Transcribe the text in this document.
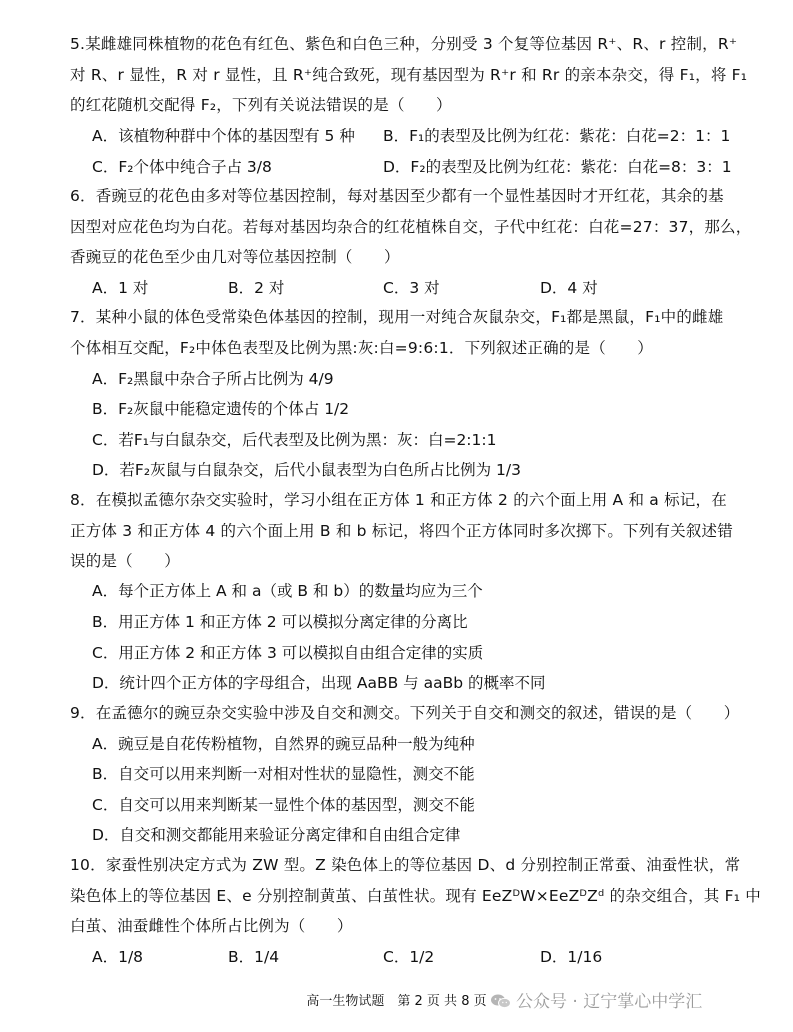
5.某雌雄同株植物的花色有红色、紫色和白色三种，分别受 3 个复等位基因 R⁺、R、r 控制，R⁺
对 R、r 显性，R 对 r 显性，且 R⁺纯合致死，现有基因型为 R⁺r 和 Rr 的亲本杂交，得 F₁，将 F₁
的红花随机交配得 F₂，下列有关说法错误的是（　　）
A．该植物种群中个体的基因型有 5 种 B．F₁的表型及比例为红花：紫花：白花=2：1：1
C．F₂个体中纯合子占 3/8	D．F₂的表型及比例为红花：紫花：白花=8：3：1
6．香豌豆的花色由多对等位基因控制，每对基因至少都有一个显性基因时才开红花，其余的基
因型对应花色均为白花。若每对基因均杂合的红花植株自交，子代中红花：白花=27：37，那么，
香豌豆的花色至少由几对等位基因控制（　　）
A．1 对	B．2 对	C．3 对	D．4 对
7．某种小鼠的体色受常染色体基因的控制，现用一对纯合灰鼠杂交，F₁都是黑鼠，F₁中的雌雄
个体相互交配，F₂中体色表型及比例为黑:灰:白=9:6:1．下列叙述正确的是（　　）
A．F₂黑鼠中杂合子所占比例为 4/9
B．F₂灰鼠中能稳定遗传的个体占 1/2
C．若F₁与白鼠杂交，后代表型及比例为黑：灰：白=2:1:1
D．若F₂灰鼠与白鼠杂交，后代小鼠表型为白色所占比例为 1/3
8．在模拟孟德尔杂交实验时，学习小组在正方体 1 和正方体 2 的六个面上用 A 和 a 标记，在
正方体 3 和正方体 4 的六个面上用 B 和 b 标记，将四个正方体同时多次掷下。下列有关叙述错
误的是（　　）
A．每个正方体上 A 和 a（或 B 和 b）的数量均应为三个
B．用正方体 1 和正方体 2 可以模拟分离定律的分离比
C．用正方体 2 和正方体 3 可以模拟自由组合定律的实质
D．统计四个正方体的字母组合，出现 AaBB 与 aaBb 的概率不同
9．在孟德尔的豌豆杂交实验中涉及自交和测交。下列关于自交和测交的叙述，错误的是（　　）
A．豌豆是自花传粉植物，自然界的豌豆品种一般为纯种
B．自交可以用来判断一对相对性状的显隐性，测交不能
C．自交可以用来判断某一显性个体的基因型，测交不能
D．自交和测交都能用来验证分离定律和自由组合定律
10．家蚕性别决定方式为 ZW 型。Z 染色体上的等位基因 D、d 分别控制正常蚕、油蚕性状，常
染色体上的等位基因 E、e 分别控制黄茧、白茧性状。现有 EeZᴰW×EeZᴰZᵈ 的杂交组合，其 F₁ 中
白茧、油蚕雌性个体所占比例为（　　）
A．1/8	B．1/4	C．1/2	D．1/16
高一生物试题　第 2 页 共 8 页	公众号 · 辽宁掌心中学汇
